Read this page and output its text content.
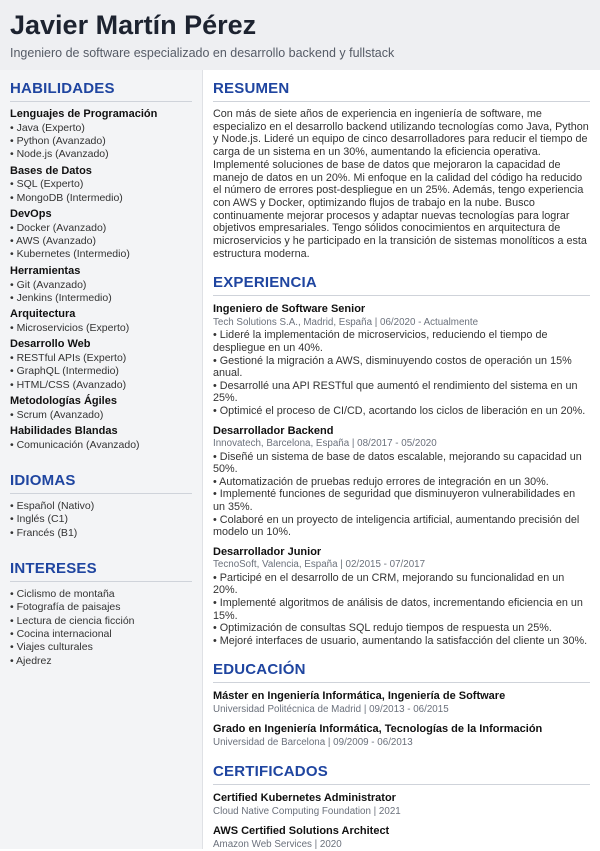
Javier Martín Pérez
Ingeniero de software especializado en desarrollo backend y fullstack
HABILIDADES
Lenguajes de Programación
• Java (Experto)
• Python (Avanzado)
• Node.js (Avanzado)
Bases de Datos
• SQL (Experto)
• MongoDB (Intermedio)
DevOps
• Docker (Avanzado)
• AWS (Avanzado)
• Kubernetes (Intermedio)
Herramientas
• Git (Avanzado)
• Jenkins (Intermedio)
Arquitectura
• Microservicios (Experto)
Desarrollo Web
• RESTful APIs (Experto)
• GraphQL (Intermedio)
• HTML/CSS (Avanzado)
Metodologías Ágiles
• Scrum (Avanzado)
Habilidades Blandas
• Comunicación (Avanzado)
IDIOMAS
• Español (Nativo)
• Inglés (C1)
• Francés (B1)
INTERESES
• Ciclismo de montaña
• Fotografía de paisajes
• Lectura de ciencia ficción
• Cocina internacional
• Viajes culturales
• Ajedrez
RESUMEN
Con más de siete años de experiencia en ingeniería de software, me especializo en el desarrollo backend utilizando tecnologías como Java, Python y Node.js. Lideré un equipo de cinco desarrolladores para reducir el tiempo de carga de un sistema en un 30%, aumentando la eficiencia operativa. Implementé soluciones de base de datos que mejoraron la capacidad de manejo de datos en un 20%. Mi enfoque en la calidad del código ha reducido el número de errores post-despliegue en un 25%. Además, tengo experiencia con AWS y Docker, optimizando flujos de trabajo en la nube. Busco continuamente mejorar procesos y adaptar nuevas tecnologías para lograr objetivos empresariales. Tengo sólidos conocimientos en arquitectura de microservicios y he participado en la transición de sistemas monolíticos a esta estructura moderna.
EXPERIENCIA
Ingeniero de Software Senior
Tech Solutions S.A., Madrid, España | 06/2020 - Actualmente
• Lideré la implementación de microservicios, reduciendo el tiempo de despliegue en un 40%.
• Gestioné la migración a AWS, disminuyendo costos de operación un 15% anual.
• Desarrollé una API RESTful que aumentó el rendimiento del sistema en un 25%.
• Optimicé el proceso de CI/CD, acortando los ciclos de liberación en un 20%.
Desarrollador Backend
Innovatech, Barcelona, España | 08/2017 - 05/2020
• Diseñé un sistema de base de datos escalable, mejorando su capacidad un 50%.
• Automatización de pruebas redujo errores de integración en un 30%.
• Implementé funciones de seguridad que disminuyeron vulnerabilidades en un 35%.
• Colaboré en un proyecto de inteligencia artificial, aumentando precisión del modelo un 10%.
Desarrollador Junior
TecnoSoft, Valencia, España | 02/2015 - 07/2017
• Participé en el desarrollo de un CRM, mejorando su funcionalidad en un 20%.
• Implementé algoritmos de análisis de datos, incrementando eficiencia en un 15%.
• Optimización de consultas SQL redujo tiempos de respuesta un 25%.
• Mejoré interfaces de usuario, aumentando la satisfacción del cliente un 30%.
EDUCACIÓN
Máster en Ingeniería Informática, Ingeniería de Software
Universidad Politécnica de Madrid | 09/2013 - 06/2015
Grado en Ingeniería Informática, Tecnologías de la Información
Universidad de Barcelona | 09/2009 - 06/2013
CERTIFICADOS
Certified Kubernetes Administrator
Cloud Native Computing Foundation | 2021
AWS Certified Solutions Architect
Amazon Web Services | 2020
